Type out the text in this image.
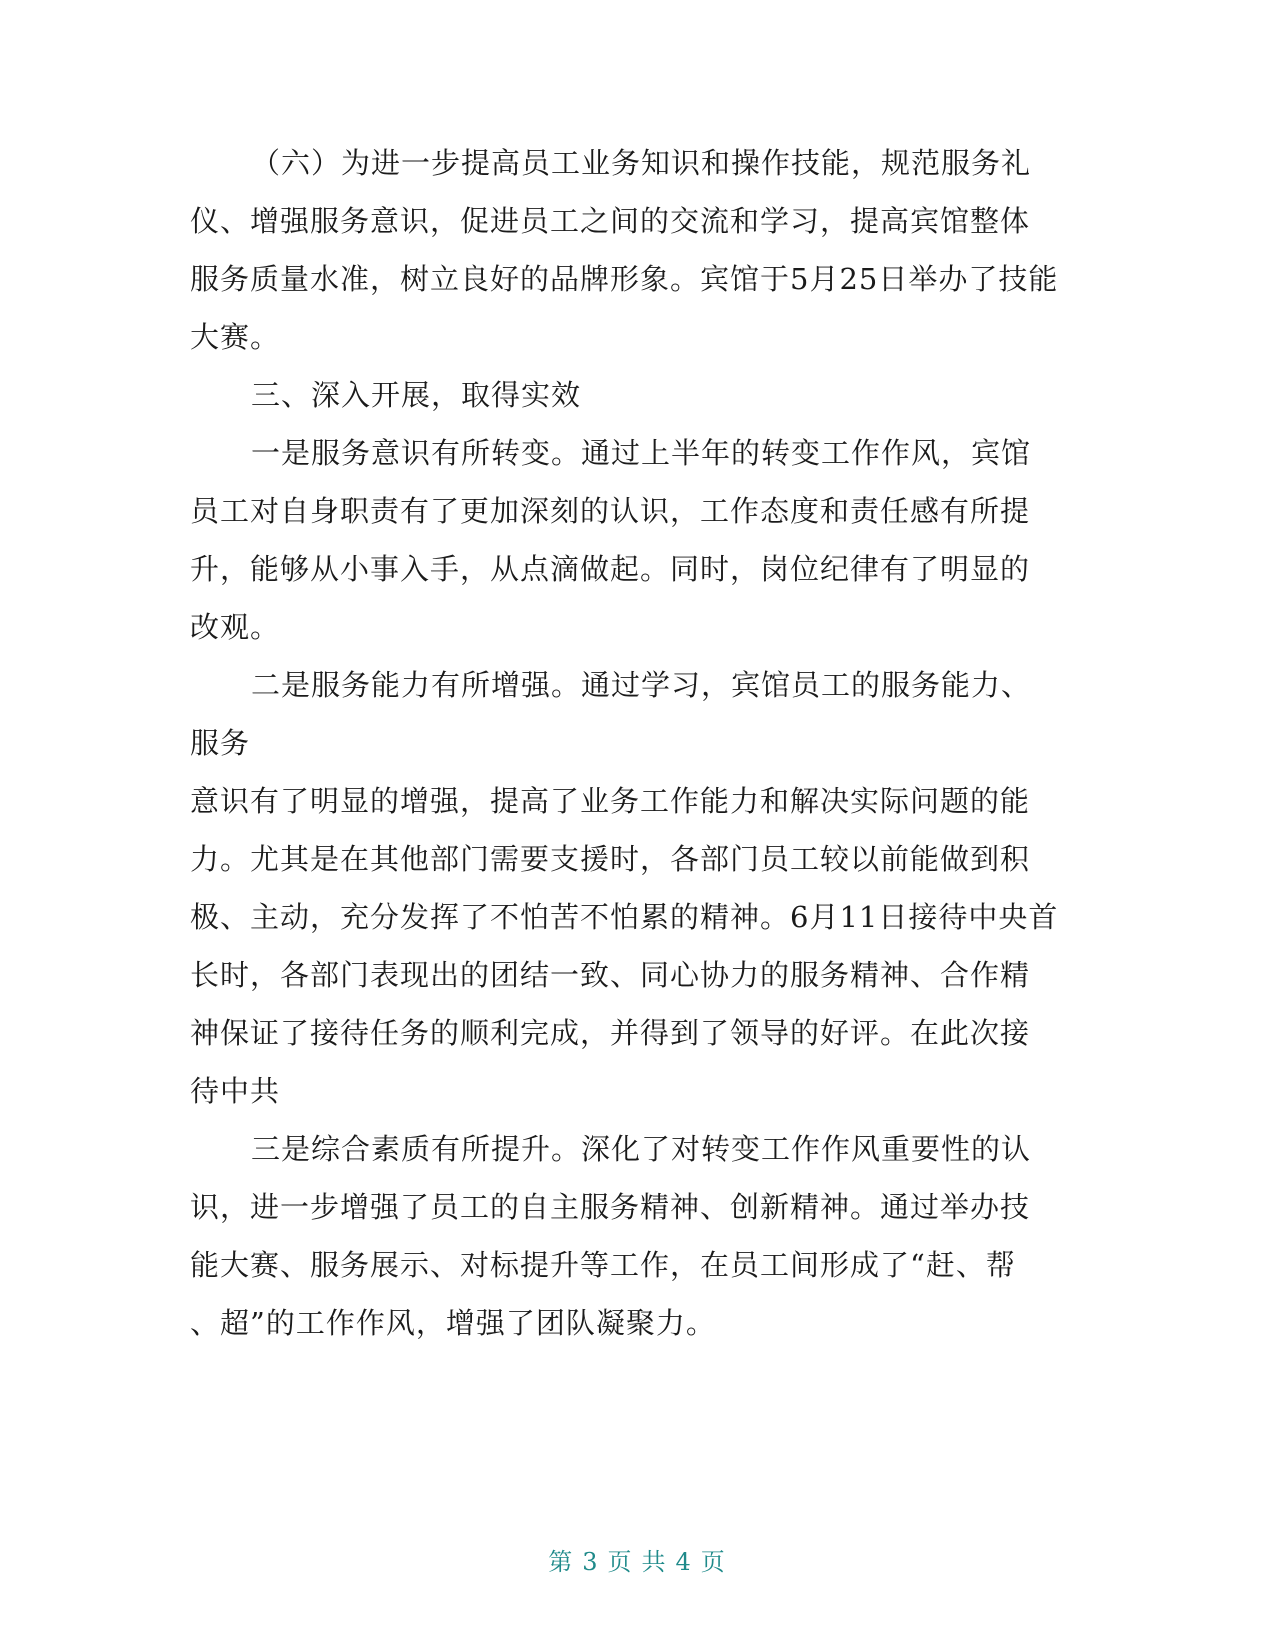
（六）为进一步提高员工业务知识和操作技能，规范服务礼

仪、增强服务意识，促进员工之间的交流和学习，提高宾馆整体

服务质量水准，树立良好的品牌形象。宾馆于5月25日举办了技能

大赛。

三、深入开展，取得实效

一是服务意识有所转变。通过上半年的转变工作作风，宾馆

员工对自身职责有了更加深刻的认识，工作态度和责任感有所提

升，能够从小事入手，从点滴做起。同时，岗位纪律有了明显的

改观。

二是服务能力有所增强。通过学习，宾馆员工的服务能力、

服务

意识有了明显的增强，提高了业务工作能力和解决实际问题的能

力。尤其是在其他部门需要支援时，各部门员工较以前能做到积

极、主动，充分发挥了不怕苦不怕累的精神。6月11日接待中央首

长时，各部门表现出的团结一致、同心协力的服务精神、合作精

神保证了接待任务的顺利完成，并得到了领导的好评。在此次接

待中共

三是综合素质有所提升。深化了对转变工作作风重要性的认

识，进一步增强了员工的自主服务精神、创新精神。通过举办技

能大赛、服务展示、对标提升等工作，在员工间形成了“赶、帮

、超”的工作作风，增强了团队凝聚力。

第 3 页 共 4 页
